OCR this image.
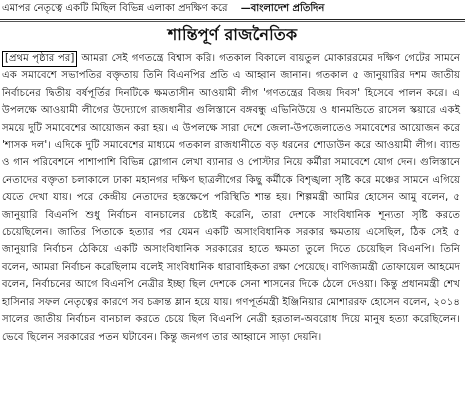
এমাপর নেতৃত্বে একটি মিছিল বিভিন্ন এলাকা প্রদক্ষিণ করে —বাংলাদেশ প্রতিদিন
শান্তিপূর্ণ রাজনৈতিক

[প্রথম পৃষ্ঠার পর] আমরা সেই গণতন্ত্রে বিশ্বাস করি। গতকাল বিকালে বায়তুল মোকাররমের দক্ষিণ গেটের সামনে এক সমাবেশে সভাপতির বক্তৃতায় তিনি বিএনপির প্রতি এ আহ্বান জানান। গতকাল ৫ জানুয়ারির দশম জাতীয় নির্বাচনের দ্বিতীয় বর্ষপূর্তির দিনটিকে ক্ষমতাসীন আওয়ামী লীগ 'গণতন্ত্রের বিজয় দিবস' হিসেবে পালন করে। এ উপলক্ষে আওয়ামী লীগের উদ্যোগে রাজধানীর গুলিস্তানে বঙ্গবন্ধু এভিনিউয়ে ও ধানমন্ডিতে রাসেল স্কয়ারে একই সময়ে দুটি সমাবেশের আয়োজন করা হয়। এ উপলক্ষে সারা দেশে জেলা-উপজেলাতেও সমাবেশের আয়োজন করে 'শাসক দল'। এদিকে দুটি সমাবেশের মাধ্যমে গতকাল রাজধানীতে বড় ধরনের শোডাউন করে আওয়ামী লীগ। ব্যান্ড ও গান পরিবেশনে পাশাপাশি বিভিন্ন স্লোগান লেখা ব্যানার ও পোস্টার নিয়ে কর্মীরা সমাবেশে যোগ দেন। গুলিস্তানে নেতাদের বক্তৃতা চলাকালে ঢাকা মহানগর দক্ষিণ ছাত্রলীগের কিছু কর্মীকে বিশৃঙ্খলা সৃষ্টি করে মঞ্চের সামনে এগিয়ে যেতে দেখা যায়। পরে কেন্দ্রীয় নেতাদের হস্তক্ষেপে পরিস্থিতি শান্ত হয়। শিল্পমন্ত্রী আমির হোসেন আমু বলেন, ৫ জানুয়ারি বিএনপি শুধু নির্বাচন বানচালের চেষ্টাই করেনি, তারা দেশকে সাংবিধানিক শূন্যতা সৃষ্টি করতে চেয়েছিলেন। জাতির পিতাকে হত্যার পর যেমন একটি অসাংবিধানিক সরকার ক্ষমতায় এসেছিল, ঠিক সেই ৫ জানুয়ারি নির্বাচন ঠেকিয়ে একটি অসাংবিধানিক সরকারের হাতে ক্ষমতা তুলে দিতে চেয়েছিল বিএনপি। তিনি বলেন, আমরা নির্বাচন করেছিলাম বলেই সাংবিধানিক ধারাবাহিকতা রক্ষা পেয়েছে। বাণিজ্যমন্ত্রী তোফায়েল আহমেদ বলেন, নির্বাচনের আগে বিএনপি নেত্রীর ইচ্ছা ছিল দেশকে সেনা শাসনের দিকে ঠেলে দেওয়া। কিন্তু প্রধানমন্ত্রী শেখ হাসিনার সফল নেতৃত্বের কারণে সব চক্রান্ত ম্লান হয়ে যায়। গণপূর্তমন্ত্রী ইঞ্জিনিয়ার মোশাররফ হোসেন বলেন, ২০১৪ সালের জাতীয় নির্বাচন বানচাল করতে চেয়ে ছিল বিএনপি নেত্রী হরতাল-অবরোধ দিয়ে মানুষ হত্যা করেছিলেন। ভেবে ছিলেন সরকারের পতন ঘটাবেন। কিন্তু জনগণ তার আহ্বানে সাড়া দেয়নি।
